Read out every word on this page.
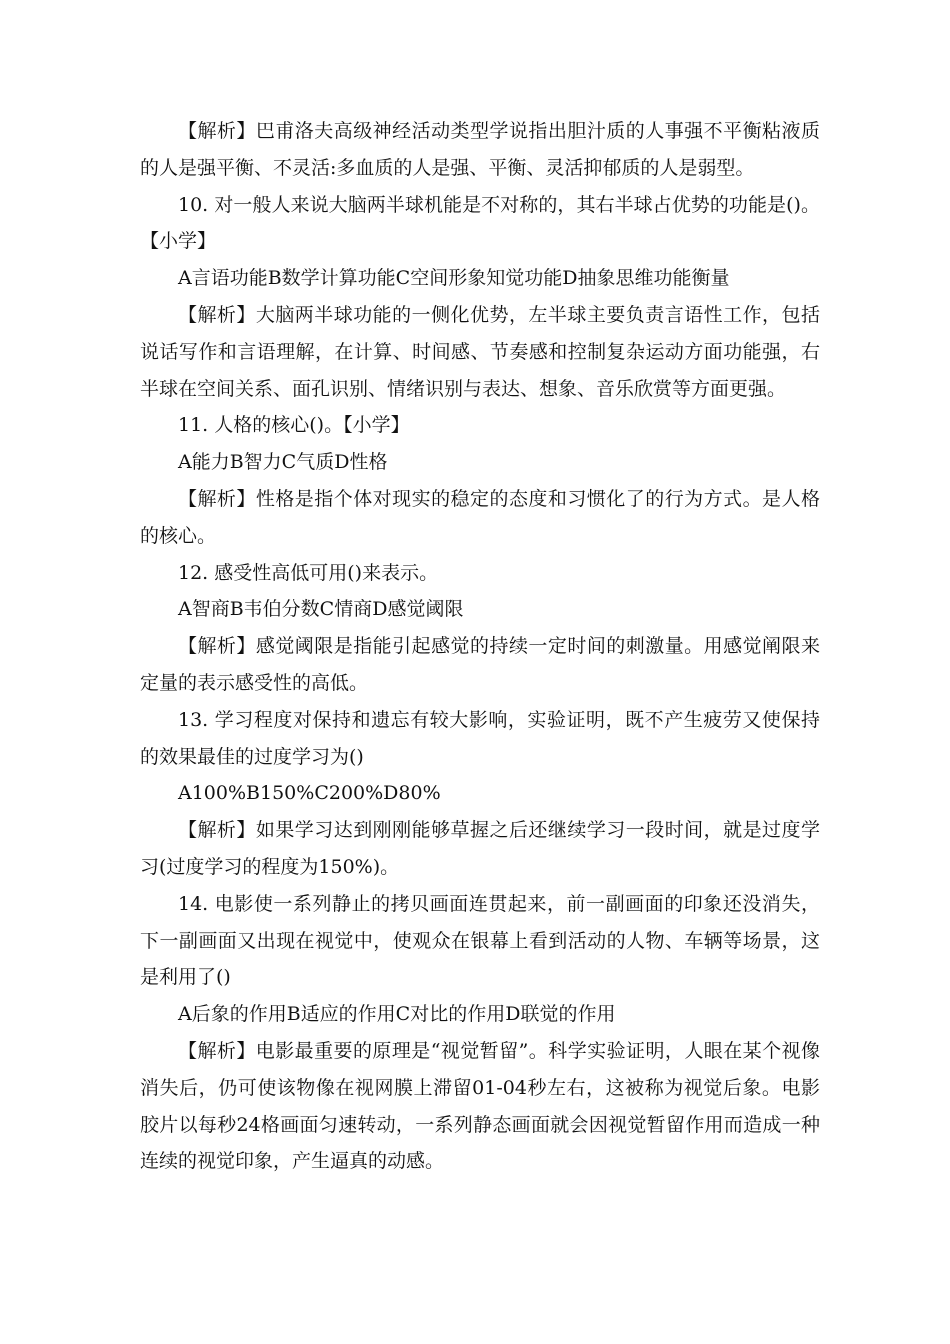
【解析】巴甫洛夫高级神经活动类型学说指出胆汁质的人事强不平衡粘液质的人是强平衡、不灵活:多血质的人是强、平衡、灵活抑郁质的人是弱型。

10. 对一般人来说大脑两半球机能是不对称的，其右半球占优势的功能是()。【小学】

A言语功能B数学计算功能C空间形象知觉功能D抽象思维功能衡量

【解析】大脑两半球功能的一侧化优势，左半球主要负责言语性工作，包括说话写作和言语理解，在计算、时间感、节奏感和控制复杂运动方面功能强，右半球在空间关系、面孔识别、情绪识别与表达、想象、音乐欣赏等方面更强。

11. 人格的核心()。【小学】

A能力B智力C气质D性格

【解析】性格是指个体对现实的稳定的态度和习惯化了的行为方式。是人格的核心。

12. 感受性高低可用()来表示。

A智商B韦伯分数C情商D感觉阈限

【解析】感觉阈限是指能引起感觉的持续一定时间的刺激量。用感觉阐限来定量的表示感受性的高低。

13. 学习程度对保持和遗忘有较大影响，实验证明，既不产生疲劳又使保持的效果最佳的过度学习为()

A100%B150%C200%D80%

【解析】如果学习达到刚刚能够草握之后还继续学习一段时间，就是过度学习(过度学习的程度为150%)。

14. 电影使一系列静止的拷贝画面连贯起来，前一副画面的印象还没消失，下一副画面又出现在视觉中，使观众在银幕上看到活动的人物、车辆等场景，这是利用了()

A后象的作用B适应的作用C对比的作用D联觉的作用

【解析】电影最重要的原理是“视觉暂留”。科学实验证明，人眼在某个视像消失后，仍可使该物像在视网膜上滞留01-04秒左右，这被称为视觉后象。电影胶片以每秒24格画面匀速转动，一系列静态画面就会因视觉暂留作用而造成一种连续的视觉印象，产生逼真的动感。
